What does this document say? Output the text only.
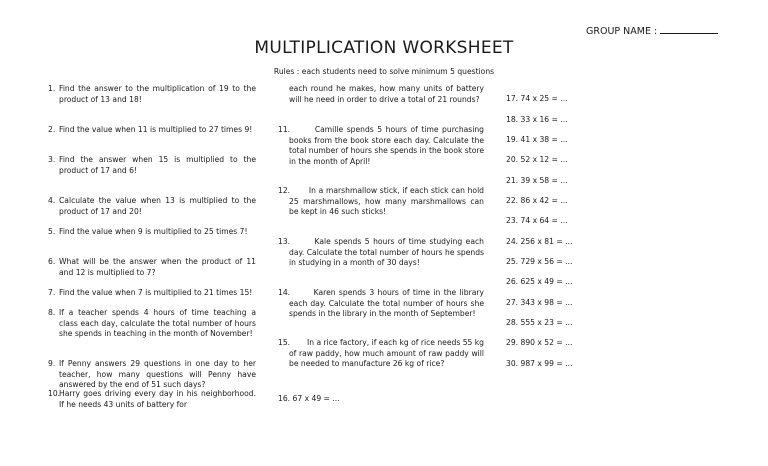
GROUP NAME :
MULTIPLICATION WORKSHEET
Rules : each students need to solve minimum 5 questions
1. Find the answer to the multiplication of 19 to the product of 13 and 18!
2. Find the value when 11 is multiplied to 27 times 9!
3. Find the answer when 15 is multiplied to the product of 17 and 6!
4. Calculate the value when 13 is multiplied to the product of 17 and 20!
5. Find the value when 9 is multiplied to 25 times 7!
6. What will be the answer when the product of 11 and 12 is multiplied to 7?
7. Find the value when 7 is multiplied to 21 times 15!
8. If a teacher spends 4 hours of time teaching a class each day, calculate the total number of hours she spends in teaching in the month of November!
9. If Penny answers 29 questions in one day to her teacher, how many questions will Penny have answered by the end of 51 such days?
10.
Harry goes driving every day in his neighborhood. If he needs 43 units of battery for
each round he makes, how many units of battery will he need in order to drive a total of 21 rounds?
11.	Camille spends 5 hours of time purchasing books from the book store each day. Calculate the total number of hours she spends in the book store in the month of April!
12. In a marshmallow stick, if each stick can hold 25 marshmallows, how many marshmallows can be kept in 46 such sticks!
13.	Kale spends 5 hours of time studying each day. Calculate the total number of hours he spends in studying in a month of 30 days!
14.	Karen spends 3 hours of time in the library each day. Calculate the total number of hours she spends in the library in the month of September!
15. In a rice factory, if each kg of rice needs 55 kg of raw paddy, how much amount of raw paddy will be needed to manufacture 26 kg of rice?
16. 67 x 49 = ...
17. 74 x 25 = ...
18. 33 x 16 = ...
19. 41 x 38 = ...
20. 52 x 12 = ...
21. 39 x 58 = ...
22. 86 x 42 = ...
23. 74 x 64 = ...
24. 256 x 81 = ...
25. 729 x 56 = ...
26. 625 x 49 = ...
27. 343 x 98 = ...
28. 555 x 23 = ...
29. 890 x 52 = ...
30. 987 x 99 = ...
